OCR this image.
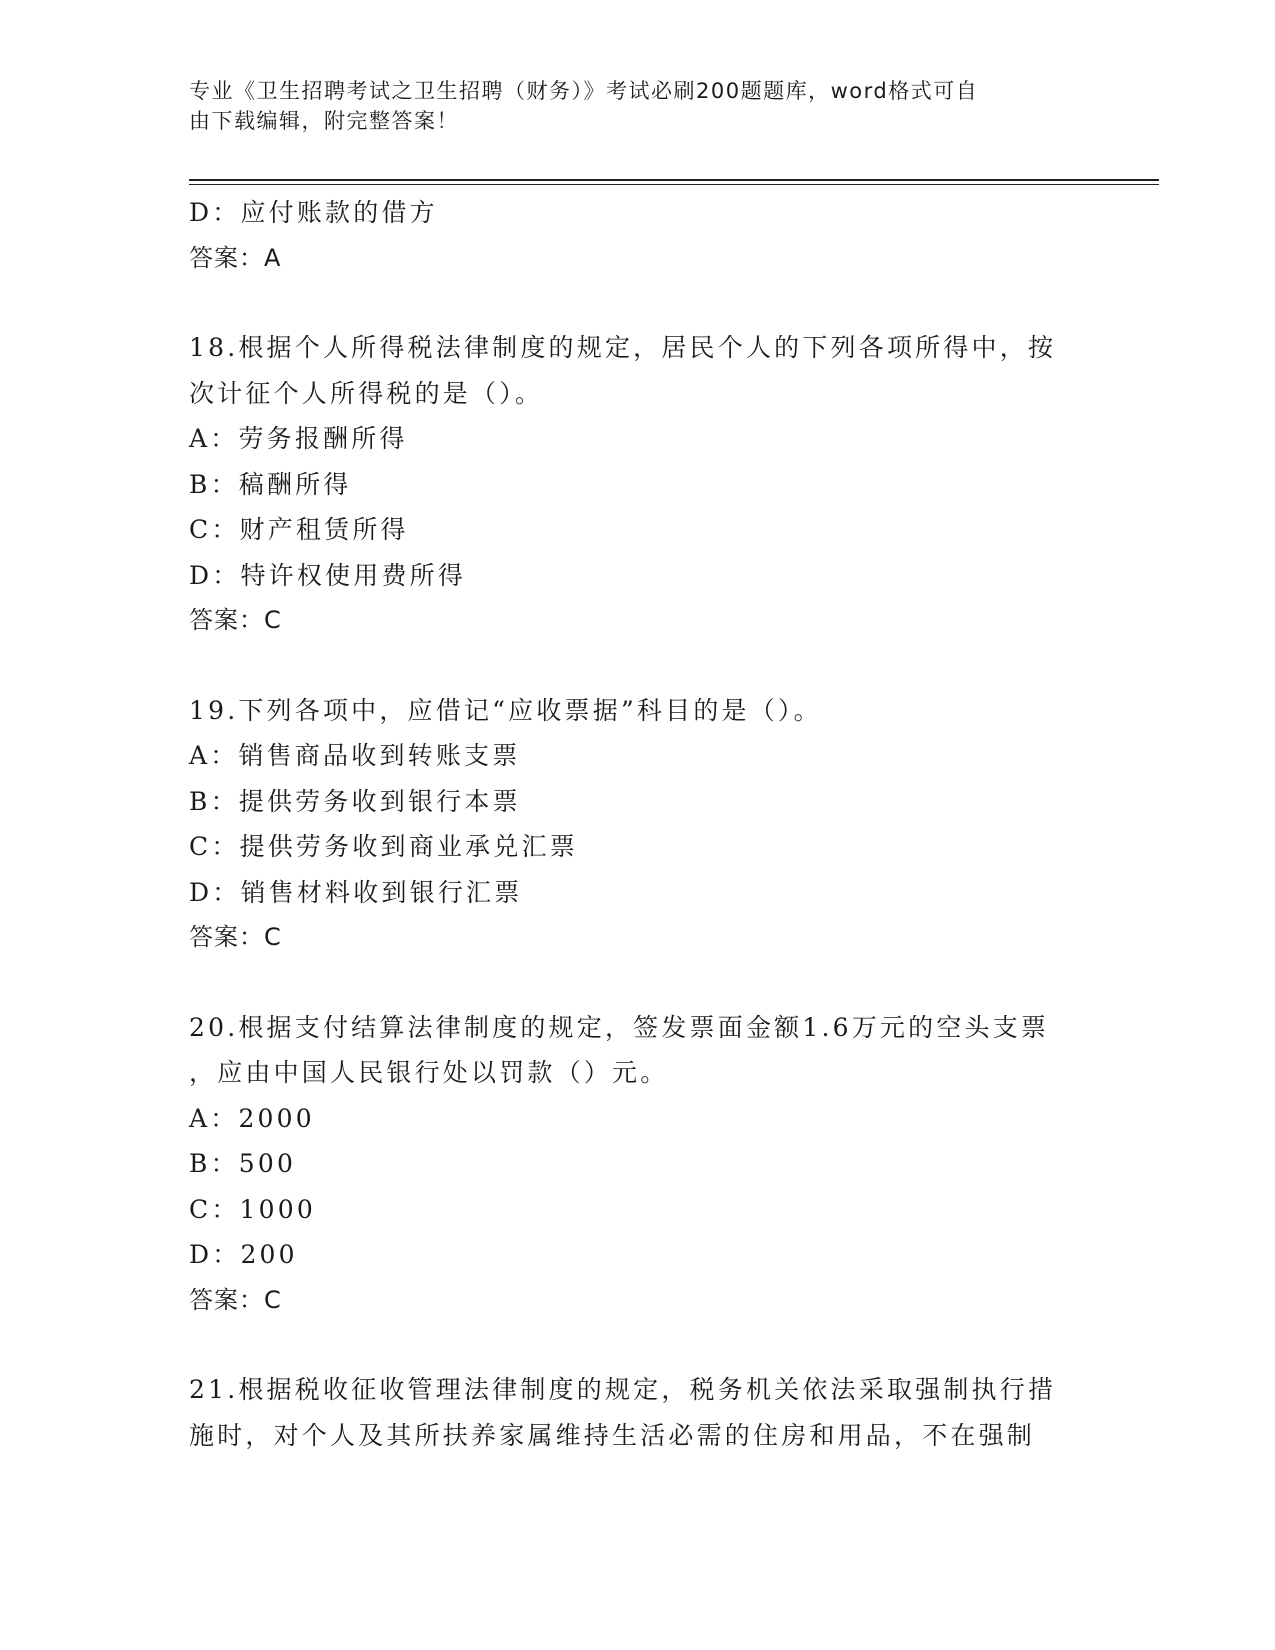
专业《卫生招聘考试之卫生招聘（财务）》考试必刷200题题库，word格式可自
由下载编辑，附完整答案！
D：应付账款的借方
答案：A
18.根据个人所得税法律制度的规定，居民个人的下列各项所得中，按
次计征个人所得税的是（）。
A：劳务报酬所得
B：稿酬所得
C：财产租赁所得
D：特许权使用费所得
答案：C
19.下列各项中，应借记“应收票据”科目的是（）。
A：销售商品收到转账支票
B：提供劳务收到银行本票
C：提供劳务收到商业承兑汇票
D：销售材料收到银行汇票
答案：C
20.根据支付结算法律制度的规定，签发票面金额1.6万元的空头支票
，应由中国人民银行处以罚款（）元。
A：2000
B：500
C：1000
D：200
答案：C
21.根据税收征收管理法律制度的规定，税务机关依法采取强制执行措
施时，对个人及其所扶养家属维持生活必需的住房和用品，不在强制
